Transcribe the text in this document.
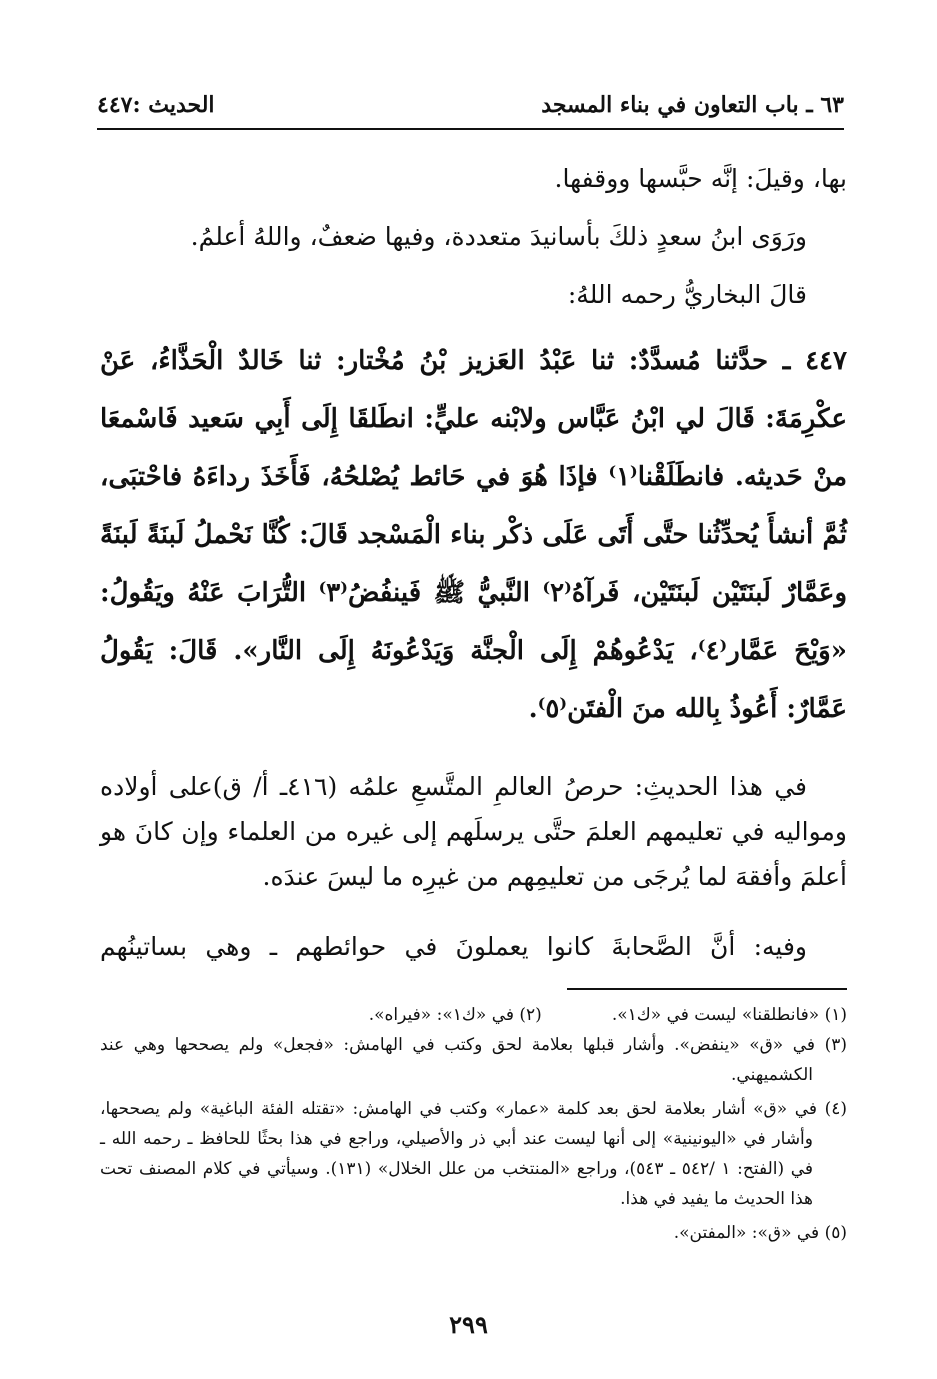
٦٣ ـ باب التعاون في بناء المسجد
الحديث :٤٤٧

بها، وقيلَ: إنَّه حبَّسها ووقفها.

ورَوَى ابنُ سعدٍ ذلكَ بأسانيدَ متعددة، وفيها ضعفٌ، واللهُ أعلمُ.

قالَ البخاريُّ رحمه اللهُ:

٤٤٧ ـ حدَّثنا مُسدَّدٌ: ثنا عَبْدُ العَزيز بْنُ مُخْتار: ثنا خَالدٌ الْحَذَّاءُ، عَنْ عكْرِمَةَ: قَالَ لي ابْنُ عَبَّاس ولابْنه عليٍّ: انطَلقَا إِلَى أَبِي سَعيد فَاسْمعَا منْ حَديثه. فانطَلَقْنا⁽١⁾ فإذَا هُوَ في حَائط يُصْلحُهُ، فَأَخَذَ رداءَهُ فاحْتبَى، ثُمَّ أنشأَ يُحدِّثُنا حتَّى أَتَى عَلَى ذكْر بناء الْمَسْجد قَالَ: كُنَّا نَحْملُ لَبنَةً لَبنَةً وعَمَّارٌ لَبنَتَيْن لَبنَتَيْن، فَرآهُ⁽٢⁾ النَّبيُّ ﷺ فَينفُضُ⁽٣⁾ التُّرَابَ عَنْهُ ويَقُولُ: «وَيْحَ عَمَّار⁽٤⁾، يَدْعُوهُمْ إِلَى الْجنَّة وَيَدْعُونَهُ إِلَى النَّار». قَالَ: يَقُولُ عَمَّارٌ: أَعُوذُ بِالله منَ الْفتَن⁽٥⁾.

في هذا الحديثِ: حرصُ العالمِ المتَّسعِ علمُه (٤١٦ـ أ/ ق)على أولاده ومواليه في تعليمهم العلمَ حتَّى يرسلَهم إلى غيره من العلماء وإن كانَ هو أعلمَ وأفقهَ لما يُرجَى من تعليمِهم من غيرِه ما ليسَ عندَه.

وفيه: أنَّ الصَّحابةَ كانوا يعملونَ في حوائطهم ـ وهي بساتينُهم

(١) «فانطلقنا» ليست في «ك١».
(٢) في «ك١»: «فيراه».

(٣) في «ق» «ينفض». وأشار قبلها بعلامة لحق وكتب في الهامش: «فجعل» ولم يصححها وهي عند الكشميهني.

(٤) في «ق» أشار بعلامة لحق بعد كلمة «عمار» وكتب في الهامش: «تقتله الفئة الباغية» ولم يصححها، وأشار في «اليونينية» إلى أنها ليست عند أبي ذر والأصيلي، وراجع في هذا بحثًا للحافظ ـ رحمه الله ـ في (الفتح: ١ /٥٤٢ ـ ٥٤٣)، وراجع «المنتخب من علل الخلال» (١٣١). وسيأتي في كلام المصنف تحت هذا الحديث ما يفيد في هذا.

(٥) في «ق»: «المفتن».

٢٩٩
